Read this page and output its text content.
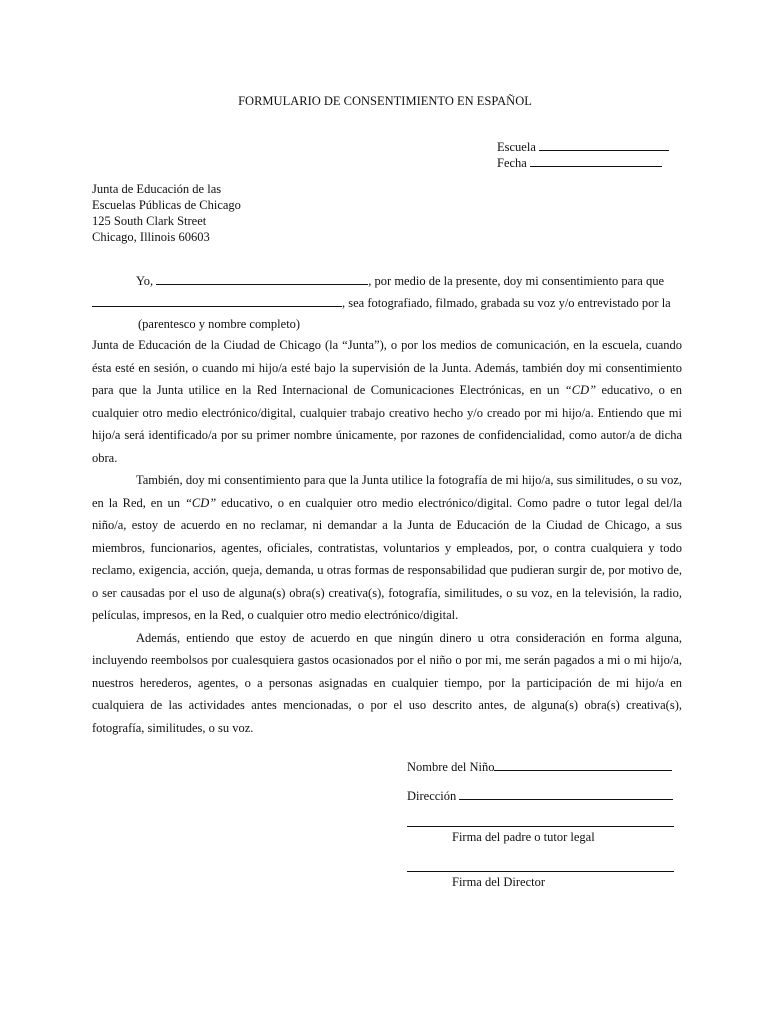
FORMULARIO DE CONSENTIMIENTO EN ESPAÑOL
Escuela
Fecha
Junta de Educación de las
Escuelas Públicas de Chicago
125 South Clark Street
Chicago, Illinois 60603
Yo,	, por medio de la presente, doy mi consentimiento para que
, sea fotografiado, filmado, grabada su voz y/o entrevistado por la
(parentesco y nombre completo)

Junta de Educación de la Ciudad de Chicago (la “Junta”), o por los medios de comunicación, en la escuela, cuando ésta esté en sesión, o cuando mi hijo/a esté bajo la supervisión de la Junta. Además, también doy mi consentimiento para que la Junta utilice en la Red Internacional de Comunicaciones Electrónicas, en un “CD” educativo, o en cualquier otro medio electrónico/digital, cualquier trabajo creativo hecho y/o creado por mi hijo/a. Entiendo que mi hijo/a será identificado/a por su primer nombre únicamente, por razones de confidencialidad, como autor/a de dicha obra.

También, doy mi consentimiento para que la Junta utilice la fotografía de mi hijo/a, sus similitudes, o su voz, en la Red, en un “CD” educativo, o en cualquier otro medio electrónico/digital. Como padre o tutor legal del/la niño/a, estoy de acuerdo en no reclamar, ni demandar a la Junta de Educación de la Ciudad de Chicago, a sus miembros, funcionarios, agentes, oficiales, contratistas, voluntarios y empleados, por, o contra cualquiera y todo reclamo, exigencia, acción, queja, demanda, u otras formas de responsabilidad que pudieran surgir de, por motivo de, o ser causadas por el uso de alguna(s) obra(s) creativa(s), fotografía, similitudes, o su voz, en la televisión, la radio, películas, impresos, en la Red, o cualquier otro medio electrónico/digital.

Además, entiendo que estoy de acuerdo en que ningún dinero u otra consideración en forma alguna, incluyendo reembolsos por cualesquiera gastos ocasionados por el niño o por mi, me serán pagados a mi o mi hijo/a, nuestros herederos, agentes, o a personas asignadas en cualquier tiempo, por la participación de mi hijo/a en cualquiera de las actividades antes mencionadas, o por el uso descrito antes, de alguna(s) obra(s) creativa(s), fotografía, similitudes, o su voz.

Nombre del Niño
Dirección
Firma del padre o tutor legal
Firma del Director
